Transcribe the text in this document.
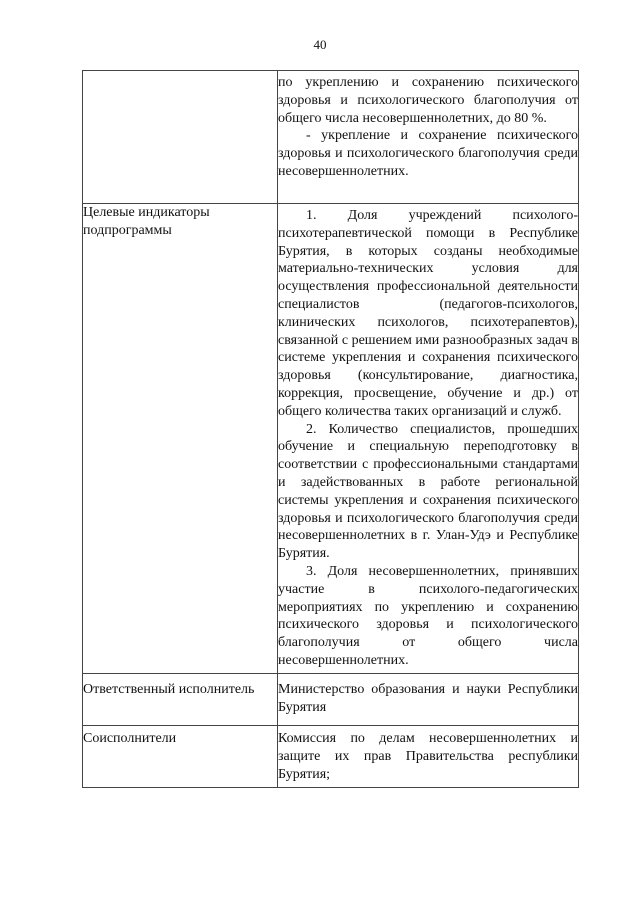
40

	по укреплению и сохранению психического здоровья и психологического благополучия от общего числа несовершеннолетних, до 80 %.

- укрепление и сохранение психического здоровья и психологического благополучия среди несовершеннолетних.

Целевые индикаторы подпрограммы	1. Доля учреждений психолого-психотерапевтической помощи в Республике Бурятия, в которых созданы необходимые материально-технических условия для осуществления профессиональной деятельности специалистов (педагогов-психологов, клинических психологов, психотерапевтов), связанной с решением ими разнообразных задач в системе укрепления и сохранения психического здоровья (консультирование, диагностика, коррекция, просвещение, обучение и др.) от общего количества таких организаций и служб.

2. Количество специалистов, прошедших обучение и специальную переподготовку в соответствии с профессиональными стандартами и задействованных в работе региональной системы укрепления и сохранения психического здоровья и психологического благополучия среди несовершеннолетних в г. Улан-Удэ и Республике Бурятия.

3. Доля несовершеннолетних, принявших участие в психолого-педагогических мероприятиях по укреплению и сохранению психического здоровья и психологического благополучия от общего числа несовершеннолетних.

Ответственный исполнитель	Министерство образования и науки Республики Бурятия

Соисполнители	Комиссия по делам несовершеннолетних и защите их прав Правительства республики Бурятия;
